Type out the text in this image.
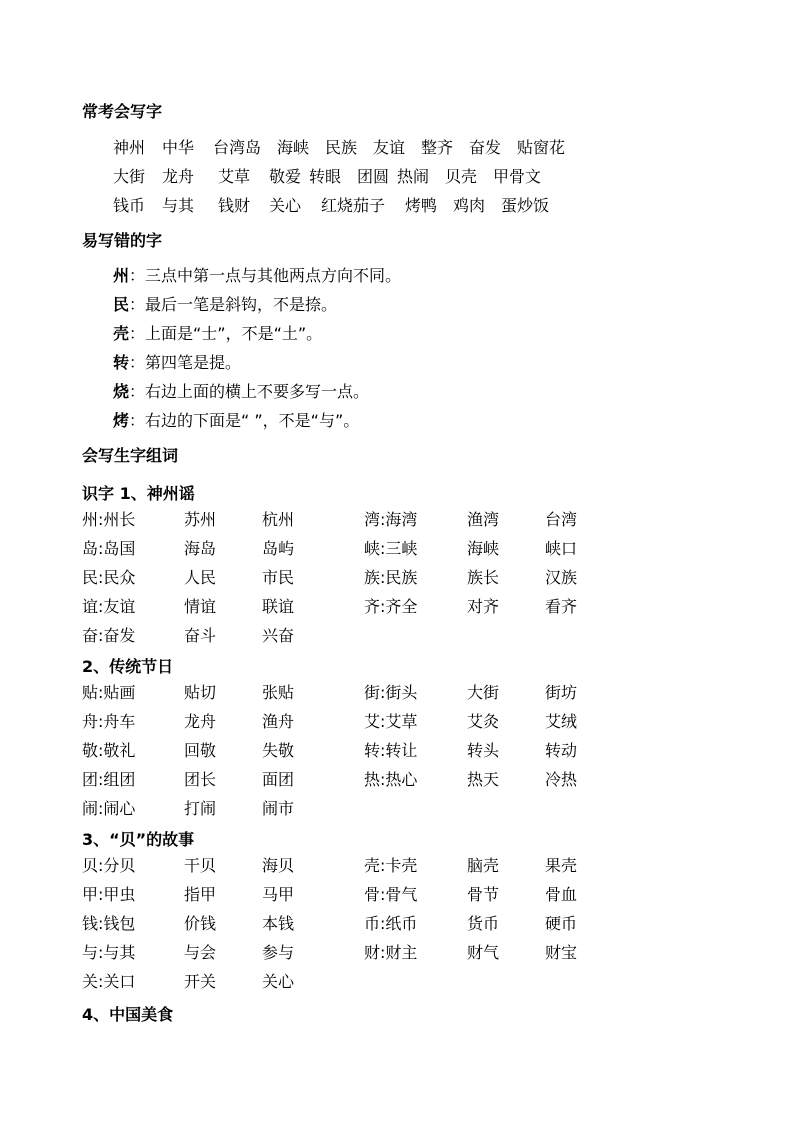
常考会写字
神州 中华 台湾岛 海峡 民族 友谊 整齐 奋发 贴窗花
大街 龙舟 艾草 敬爱 转眼 团圆 热闹 贝壳 甲骨文
钱币 与其 钱财 关心 红烧茄子 烤鸭 鸡肉 蛋炒饭
易写错的字
州：三点中第一点与其他两点方向不同。
民：最后一笔是斜钩，不是捺。
壳：上面是“士”，不是“土”。
转：第四笔是提。
烧：右边上面的横上不要多写一点。
烤：右边的下面是“ ”，不是“与”。
会写生字组词
识字 1、神州谣
州:州长	苏州	杭州	湾:海湾	渔湾	台湾
岛:岛国	海岛	岛屿	峡:三峡	海峡	峡口
民:民众	人民	市民	族:民族	族长	汉族
谊:友谊	情谊	联谊	齐:齐全	对齐	看齐
奋:奋发	奋斗	兴奋
2、传统节日
贴:贴画	贴切	张贴	街:街头	大街	街坊
舟:舟车	龙舟	渔舟	艾:艾草	艾灸	艾绒
敬:敬礼	回敬	失敬	转:转让	转头	转动
团:组团	团长	面团	热:热心	热天	冷热
闹:闹心	打闹	闹市
3、“贝”的故事
贝:分贝	干贝	海贝	壳:卡壳	脑壳	果壳
甲:甲虫	指甲	马甲	骨:骨气	骨节	骨血
钱:钱包	价钱	本钱	币:纸币	货币	硬币
与:与其	与会	参与	财:财主	财气	财宝
关:关口	开关	关心
4、中国美食
